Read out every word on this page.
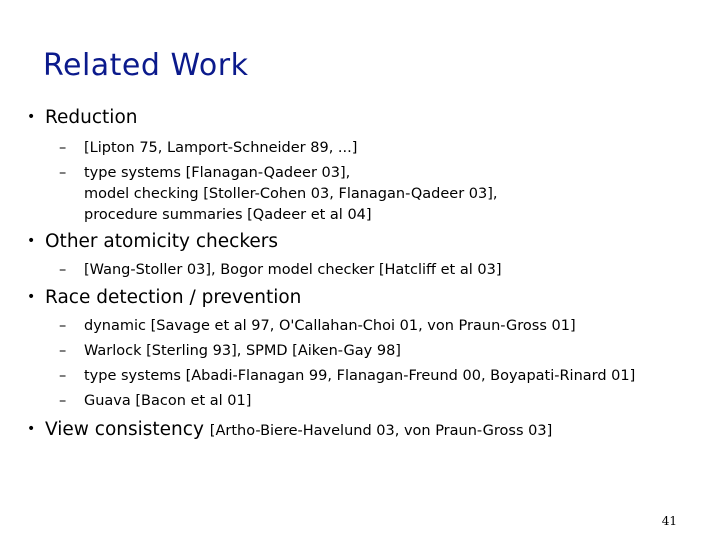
Related Work
• Reduction
–	[Lipton 75, Lamport-Schneider 89, ...]
–	type systems [Flanagan-Qadeer 03],
model checking [Stoller-Cohen 03, Flanagan-Qadeer 03],
procedure summaries [Qadeer et al 04]
• Other atomicity checkers
–	[Wang-Stoller 03], Bogor model checker [Hatcliff et al 03]
• Race detection / prevention
–	dynamic [Savage et al 97, O'Callahan-Choi 01, von Praun-Gross 01]
–	Warlock [Sterling 93], SPMD [Aiken-Gay 98]
–	type systems [Abadi-Flanagan 99, Flanagan-Freund 00, Boyapati-Rinard 01]
–	Guava [Bacon et al 01]
• View consistency [Artho-Biere-Havelund 03, von Praun-Gross 03]
41
